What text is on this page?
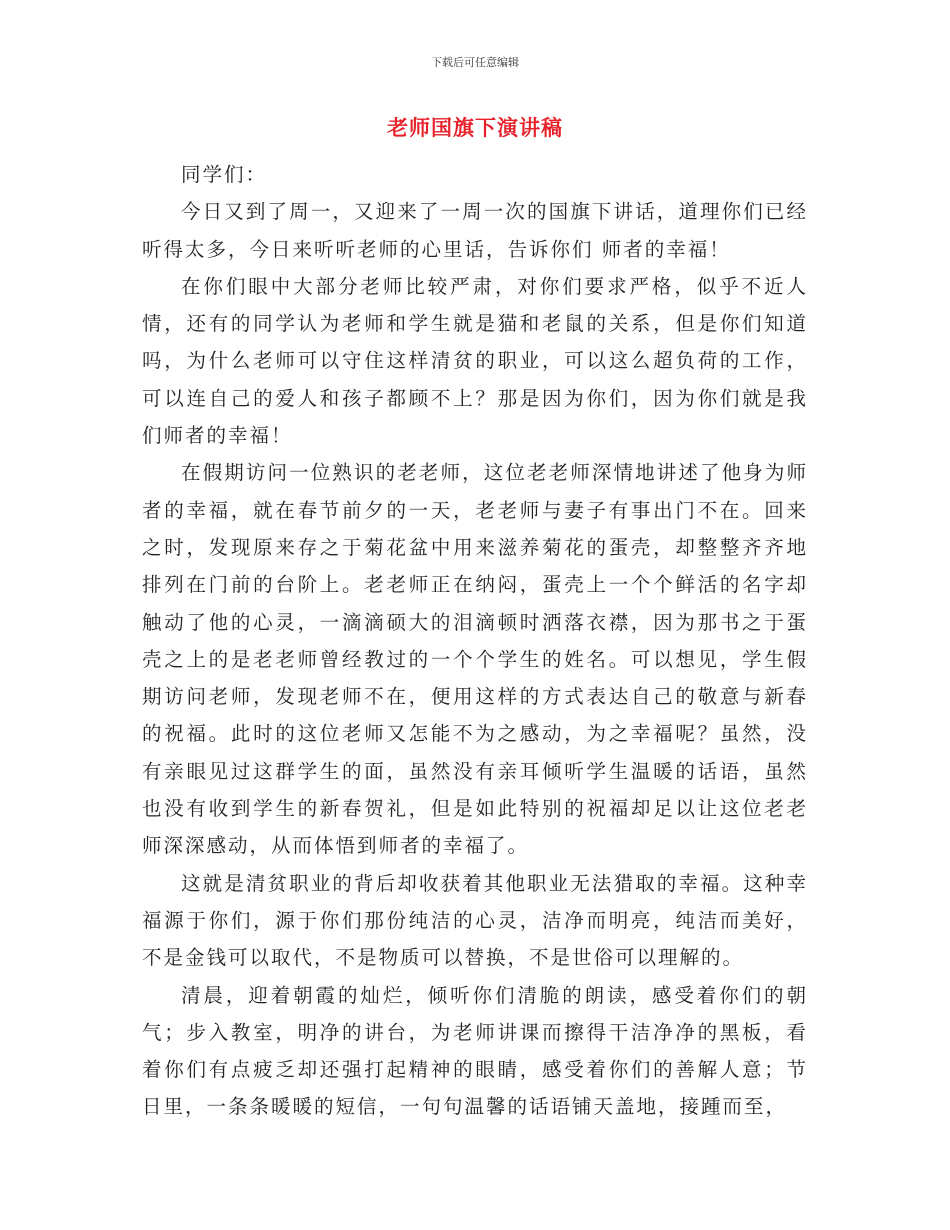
下载后可任意编辑
老师国旗下演讲稿

同学们：

今日又到了周一，又迎来了一周一次的国旗下讲话，道理你们已经听得太多，今日来听听老师的心里话，告诉你们 师者的幸福！

在你们眼中大部分老师比较严肃，对你们要求严格，似乎不近人情，还有的同学认为老师和学生就是猫和老鼠的关系，但是你们知道吗，为什么老师可以守住这样清贫的职业，可以这么超负荷的工作，可以连自己的爱人和孩子都顾不上？那是因为你们，因为你们就是我们师者的幸福！

在假期访问一位熟识的老老师，这位老老师深情地讲述了他身为师者的幸福，就在春节前夕的一天，老老师与妻子有事出门不在。回来之时，发现原来存之于菊花盆中用来滋养菊花的蛋壳，却整整齐齐地排列在门前的台阶上。老老师正在纳闷，蛋壳上一个个鲜活的名字却触动了他的心灵，一滴滴硕大的泪滴顿时洒落衣襟，因为那书之于蛋壳之上的是老老师曾经教过的一个个学生的姓名。可以想见，学生假期访问老师，发现老师不在，便用这样的方式表达自己的敬意与新春的祝福。此时的这位老师又怎能不为之感动，为之幸福呢？虽然，没有亲眼见过这群学生的面，虽然没有亲耳倾听学生温暖的话语，虽然也没有收到学生的新春贺礼，但是如此特别的祝福却足以让这位老老师深深感动，从而体悟到师者的幸福了。

这就是清贫职业的背后却收获着其他职业无法猎取的幸福。这种幸福源于你们，源于你们那份纯洁的心灵，洁净而明亮，纯洁而美好，不是金钱可以取代，不是物质可以替换，不是世俗可以理解的。

清晨，迎着朝霞的灿烂，倾听你们清脆的朗读，感受着你们的朝气；步入教室，明净的讲台，为老师讲课而擦得干洁净净的黑板，看着你们有点疲乏却还强打起精神的眼睛，感受着你们的善解人意；节日里，一条条暖暖的短信，一句句温馨的话语铺天盖地，接踵而至，
